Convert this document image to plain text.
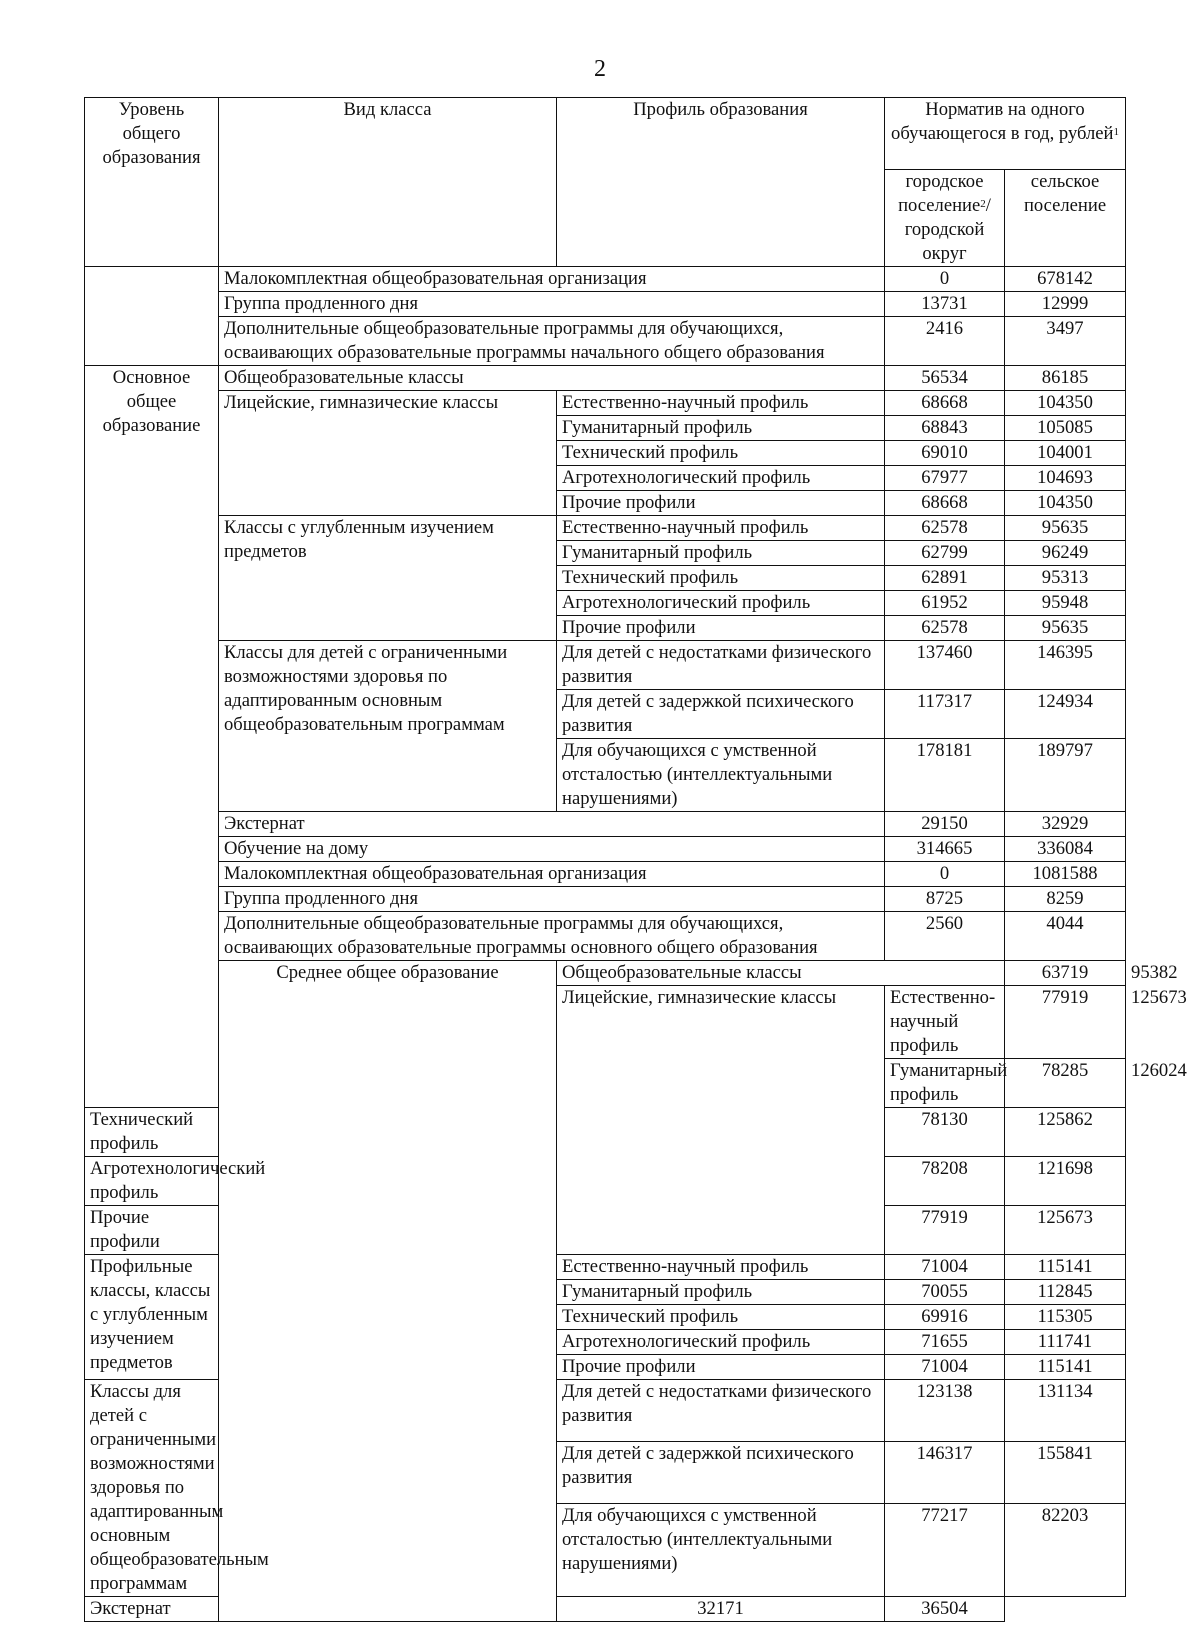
2
Уровень общего образования	Вид класса	Профиль образования	Норматив на одного обучающегося в год, рублей$^1$
			городское поселение$^2$/ городской округ	сельское поселение	
	Малокомплектная общеобразовательная организация		0	678142	
	Группа продленного дня		13731	12999	
	Дополнительные общеобразовательные программы для обучающихся, осваивающих образовательные программы начального общего образования		2416	3497	
Основное общее образование	Общеобразовательные классы		56534	86185	
	Лицейские, гимназические классы	Естественно-научный профиль	68668	104350	
		Гуманитарный профиль	68843	105085	
		Технический профиль	69010	104001	
		Агротехнологический профиль	67977	104693	
		Прочие профили	68668	104350	
	Классы с углубленным изучением предметов	Естественно-научный профиль	62578	95635	
		Гуманитарный профиль	62799	96249	
		Технический профиль	62891	95313	
		Агротехнологический профиль	61952	95948	
		Прочие профили	62578	95635	
	Классы для детей с ограниченными возможностями здоровья по адаптированным основным общеобразовательным программам	Для детей с недостатками физического развития	137460	146395	
		Для детей с задержкой психического развития	117317	124934	
		Для обучающихся с умственной отсталостью (интеллектуальными нарушениями)	178181	189797	
	Экстернат		29150	32929	
	Обучение на дому		314665	336084	
	Малокомплектная общеобразовательная организация		0	1081588	
	Группа продленного дня		8725	8259	
	Дополнительные общеобразовательные программы для обучающихся, осваивающих образовательные программы основного общего образования		2560	4044	
	Среднее общее образование	Общеобразовательные классы		63719	95382
		Лицейские, гимназические классы	Естественно-научный профиль	77919	125673
			Гуманитарный профиль	78285	126024
Технический профиль			78130	125862	
Агротехнологический профиль			78208	121698	
Прочие профили			77919	125673	
Профильные классы, классы с углубленным изучением предметов		Естественно-научный профиль	71004	115141	
		Гуманитарный профиль	70055	112845	
		Технический профиль	69916	115305	
		Агротехнологический профиль	71655	111741	
		Прочие профили	71004	115141	
Классы для детей с ограниченными возможностями здоровья по адаптированным основным общеобразовательным программам		Для детей с недостатками физического развития	123138	131134	
		Для детей с задержкой психического развития	146317	155841	
		Для обучающихся с умственной отсталостью (интеллектуальными нарушениями)	77217	82203	
Экстернат		32171	36504		
